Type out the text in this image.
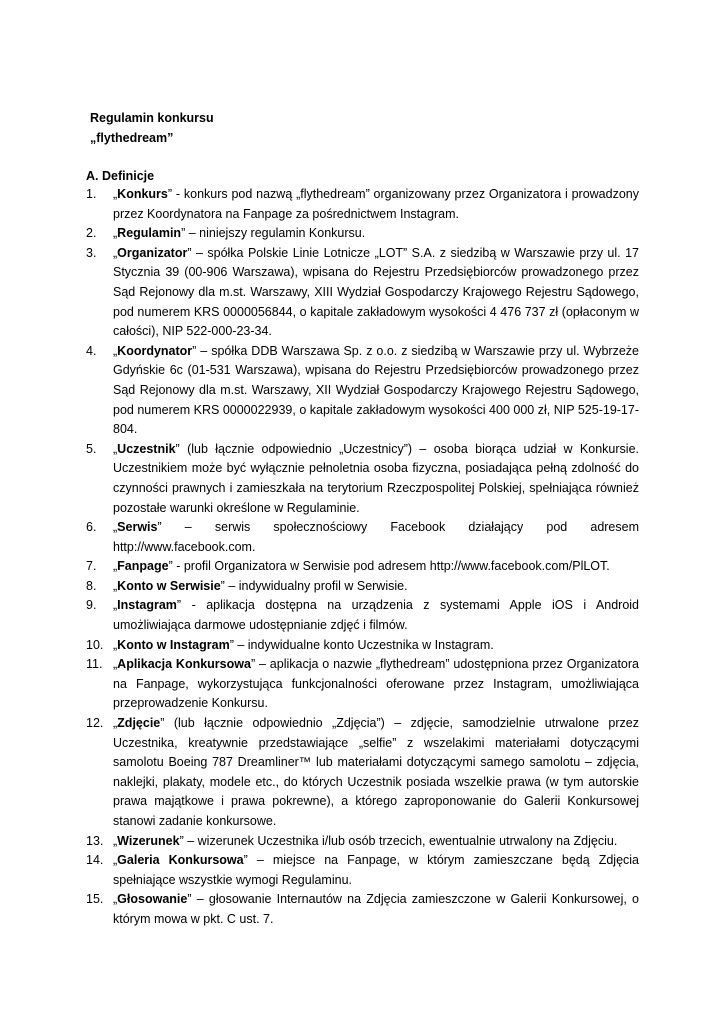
Regulamin konkursu
„flythedream”
A. Definicje
1. „Konkurs” - konkurs pod nazwą „flythedream” organizowany przez Organizatora i prowadzony przez Koordynatora na Fanpage za pośrednictwem Instagram.
2. „Regulamin” – niniejszy regulamin Konkursu.
3. „Organizator” – spółka Polskie Linie Lotnicze „LOT” S.A. z siedzibą w Warszawie przy ul. 17 Stycznia 39 (00-906 Warszawa), wpisana do Rejestru Przedsiębiorców prowadzonego przez Sąd Rejonowy dla m.st. Warszawy, XIII Wydział Gospodarczy Krajowego Rejestru Sądowego, pod numerem KRS 0000056844, o kapitale zakładowym wysokości 4 476 737 zł (opłaconym w całości), NIP 522-000-23-34.
4. „Koordynator” – spółka DDB Warszawa Sp. z o.o. z siedzibą w Warszawie przy ul. Wybrzeże Gdyńskie 6c (01-531 Warszawa), wpisana do Rejestru Przedsiębiorców prowadzonego przez Sąd Rejonowy dla m.st. Warszawy, XII Wydział Gospodarczy Krajowego Rejestru Sądowego, pod numerem KRS 0000022939, o kapitale zakładowym wysokości 400 000 zł, NIP 525-19-17-804.
5. „Uczestnik” (lub łącznie odpowiednio „Uczestnicy”) – osoba biorąca udział w Konkursie. Uczestnikiem może być wyłącznie pełnoletnia osoba fizyczna, posiadająca pełną zdolność do czynności prawnych i zamieszkała na terytorium Rzeczpospolitej Polskiej, spełniająca również pozostałe warunki określone w Regulaminie.
6. „Serwis” – serwis społecznościowy Facebook działający pod adresem http://www.facebook.com.
7. „Fanpage” - profil Organizatora w Serwisie pod adresem http://www.facebook.com/PlLOT.
8. „Konto w Serwisie” – indywidualny profil w Serwisie.
9. „Instagram” - aplikacja dostępna na urządzenia z systemami Apple iOS i Android umożliwiająca darmowe udostępnianie zdjęć i filmów.
10. „Konto w Instagram” – indywidualne konto Uczestnika w Instagram.
11. „Aplikacja Konkursowa” – aplikacja o nazwie „flythedream” udostępniona przez Organizatora na Fanpage, wykorzystująca funkcjonalności oferowane przez Instagram, umożliwiająca przeprowadzenie Konkursu.
12. „Zdjęcie” (lub łącznie odpowiednio „Zdjęcia”) – zdjęcie, samodzielnie utrwalone przez Uczestnika, kreatywnie przedstawiające „selfie” z wszelakimi materiałami dotyczącymi samolotu Boeing 787 Dreamliner™ lub materiałami dotyczącymi samego samolotu – zdjęcia, naklejki, plakaty, modele etc., do których Uczestnik posiada wszelkie prawa (w tym autorskie prawa majątkowe i prawa pokrewne), a którego zaproponowanie do Galerii Konkursowej stanowi zadanie konkursowe.
13. „Wizerunek” – wizerunek Uczestnika i/lub osób trzecich, ewentualnie utrwalony na Zdjęciu.
14. „Galeria Konkursowa” – miejsce na Fanpage, w którym zamieszczane będą Zdjęcia spełniające wszystkie wymogi Regulaminu.
15. „Głosowanie” – głosowanie Internautów na Zdjęcia zamieszczone w Galerii Konkursowej, o którym mowa w pkt. C ust. 7.
